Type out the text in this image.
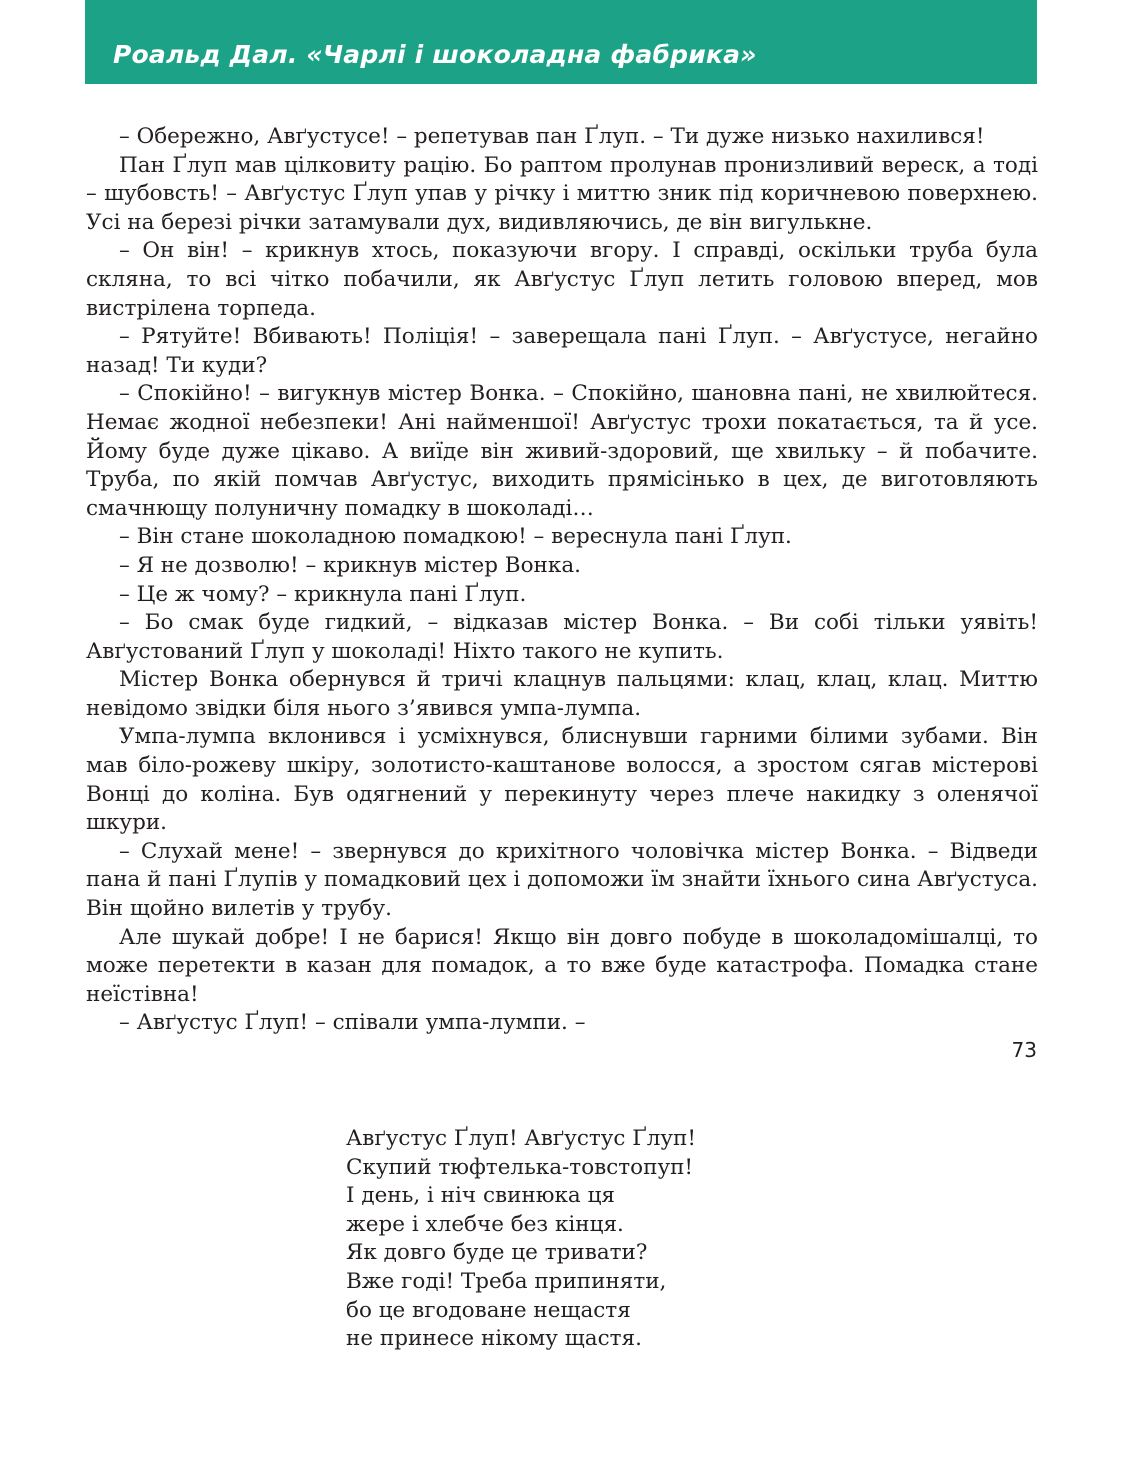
Роальд Дал. «Чарлі і шоколадна фабрика»

– Обережно, Авґустусе! – репетував пан Ґлуп. – Ти дуже низько нахилився!

Пан Ґлуп мав цілковиту рацію. Бо раптом пролунав пронизливий вереск, а тоді – шубовсть! – Авґустус Ґлуп упав у річку і миттю зник під коричневою поверхнею. Усі на березі річки затамували дух, видивляючись, де він вигулькне.

– Он він! – крикнув хтось, показуючи вгору. І справді, оскільки труба була скляна, то всі чітко побачили, як Авґустус Ґлуп летить головою вперед, мов вистрілена торпеда.

– Рятуйте! Вбивають! Поліція! – заверещала пані Ґлуп. – Авґустусе, негайно назад! Ти куди?

– Спокійно! – вигукнув містер Вонка. – Спокійно, шановна пані, не хвилюйтеся. Немає жодної небезпеки! Ані найменшої! Авґустус трохи покатається, та й усе. Йому буде дуже цікаво. А виїде він живий-здоровий, ще хвильку – й побачите. Труба, по якій помчав Авґустус, виходить прямісінько в цех, де виготовляють смачнющу полуничну помадку в шоколаді…

– Він стане шоколадною помадкою! – вереснула пані Ґлуп.

– Я не дозволю! – крикнув містер Вонка.

– Це ж чому? – крикнула пані Ґлуп.

– Бо смак буде гидкий, – відказав містер Вонка. – Ви собі тільки уявіть! Авґустований Ґлуп у шоколаді! Ніхто такого не купить.

Містер Вонка обернувся й тричі клацнув пальцями: клац, клац, клац. Миттю невідомо звідки біля нього з’явився умпа-лумпа.

Умпа-лумпа вклонився і усміхнувся, блиснувши гарними білими зубами. Він мав біло-рожеву шкіру, золотисто-каштанове волосся, а зростом сягав містерові Вонці до коліна. Був одягнений у перекинуту через плече накидку з оленячої шкури.

– Слухай мене! – звернувся до крихітного чоловічка містер Вонка. – Відведи пана й пані Ґлупів у помадковий цех і допоможи їм знайти їхнього сина Авґустуса. Він щойно вилетів у трубу.

Але шукай добре! І не барися! Якщо він довго побуде в шоколадомішалці, то може перетекти в казан для помадок, а то вже буде катастрофа. Помадка стане неїстівна!

– Авґустус Ґлуп! – співали умпа-лумпи. –

Авґустус Ґлуп! Авґустус Ґлуп!
Скупий тюфтелька-товстопуп!
І день, і ніч свинюка ця
жере і хлебче без кінця.
Як довго буде це тривати?
Вже годі! Треба припиняти,
бо це вгодоване нещастя
не принесе нікому щастя.
73
